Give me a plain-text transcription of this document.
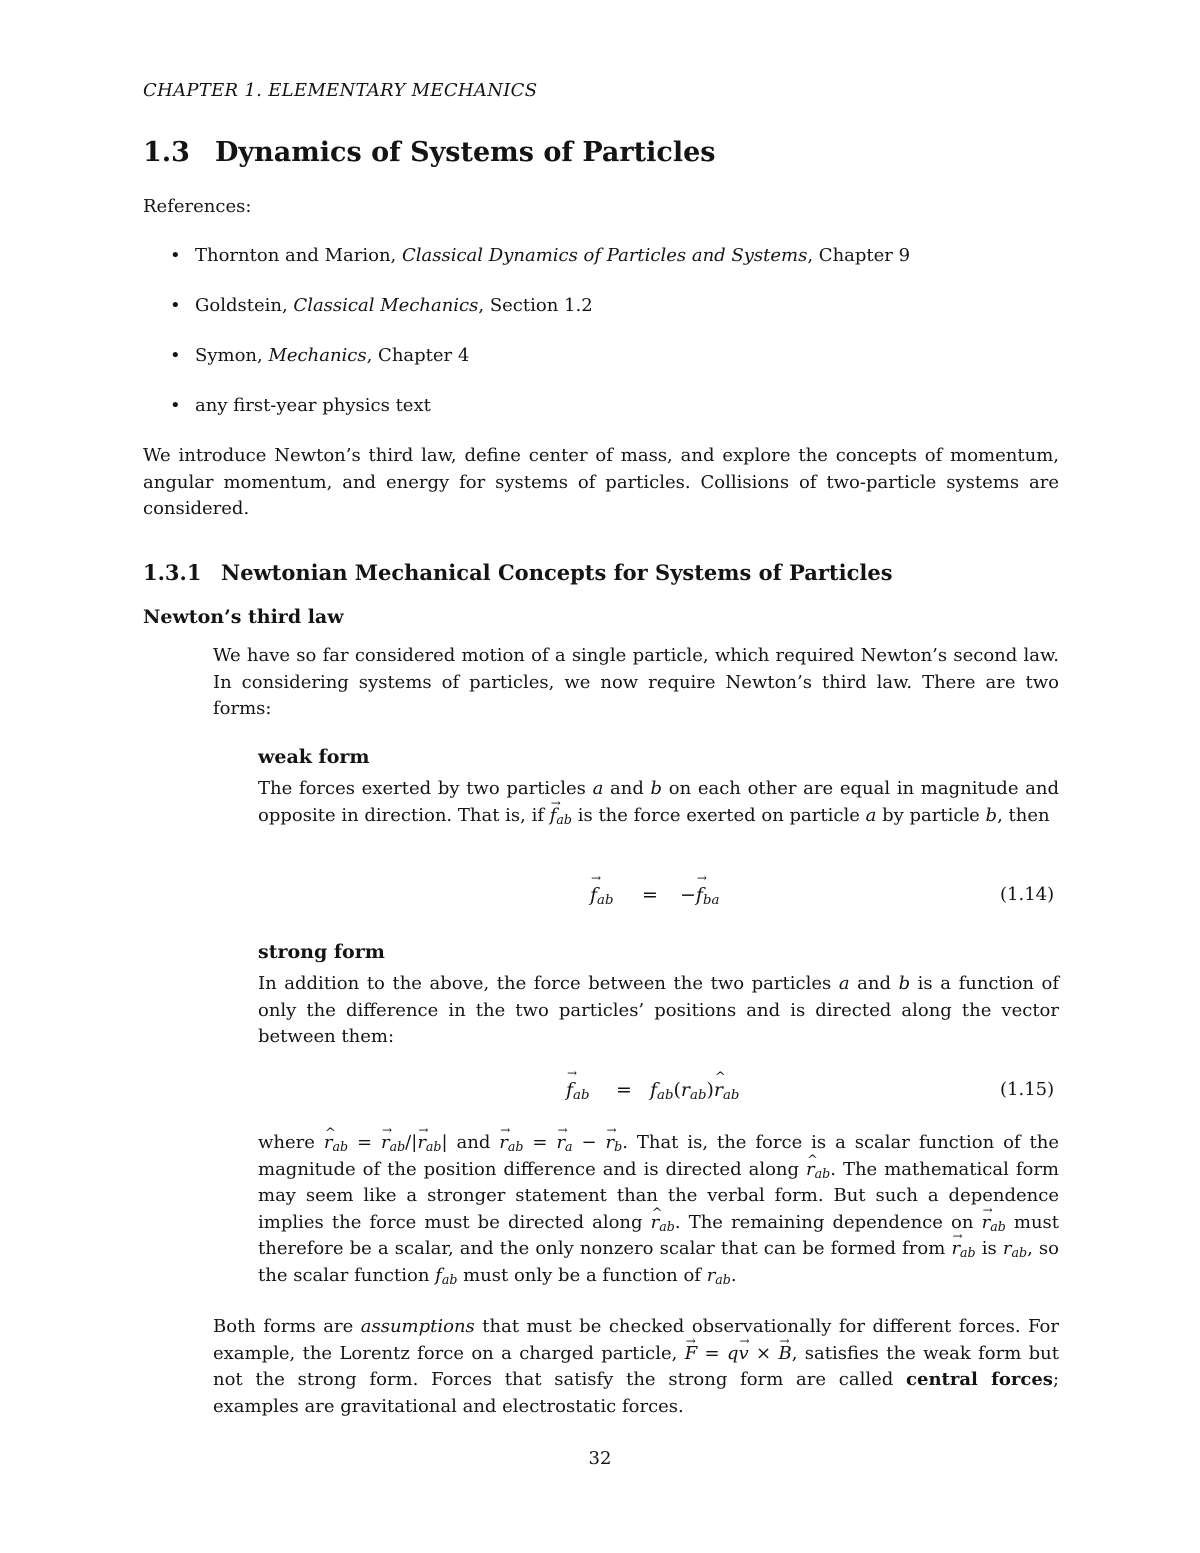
CHAPTER 1. ELEMENTARY MECHANICS
1.3 Dynamics of Systems of Particles
References:
• Thornton and Marion, Classical Dynamics of Particles and Systems, Chapter 9
• Goldstein, Classical Mechanics, Section 1.2
• Symon, Mechanics, Chapter 4
• any first-year physics text

We introduce Newton’s third law, define center of mass, and explore the concepts of momentum, angular momentum, and energy for systems of particles. Collisions of two-particle systems are considered.

1.3.1 Newtonian Mechanical Concepts for Systems of Particles
Newton’s third law

We have so far considered motion of a single particle, which required Newton’s second law. In considering systems of particles, we now require Newton’s third law. There are two forms:

weak form

The forces exerted by two particles a and b on each other are equal in magnitude and opposite in direction. That is, if → $f_{ab}$ is the force exerted on particle a by particle b, then

→ $f_{ab}$ = −→ $f_{ba}$	(1.14)
strong form

In addition to the above, the force between the two particles a and b is a function of only the difference in the two particles’ positions and is directed along the vector between them:

→ $f_{ab}$ = $f_{ab}(r_{ab})\^{}$ $r_{ab}$	(1.15)

where ^ $r_{ab}$ = → $r_{ab}/|\to r_{ab}|$ and → $r_{ab}$ = → $r_a$ − → $r_b$. That is, the force is a scalar function of the magnitude of the position difference and is directed along ^ $r_{ab}$. The mathematical form may seem like a stronger statement than the verbal form. But such a dependence implies the force must be directed along ^ $r_{ab}$. The remaining dependence on → $r_{ab}$ must therefore be a scalar, and the only nonzero scalar that can be formed from → $r_{ab}$ is $r_{ab}$, so the scalar function $f_{ab}$ must only be a function of $r_{ab}$.

Both forms are assumptions that must be checked observationally for different forces. For example, the Lorentz force on a charged particle, → F = q→ v × → B, satisfies the weak form but not the strong form. Forces that satisfy the strong form are called central forces; examples are gravitational and electrostatic forces.

32
